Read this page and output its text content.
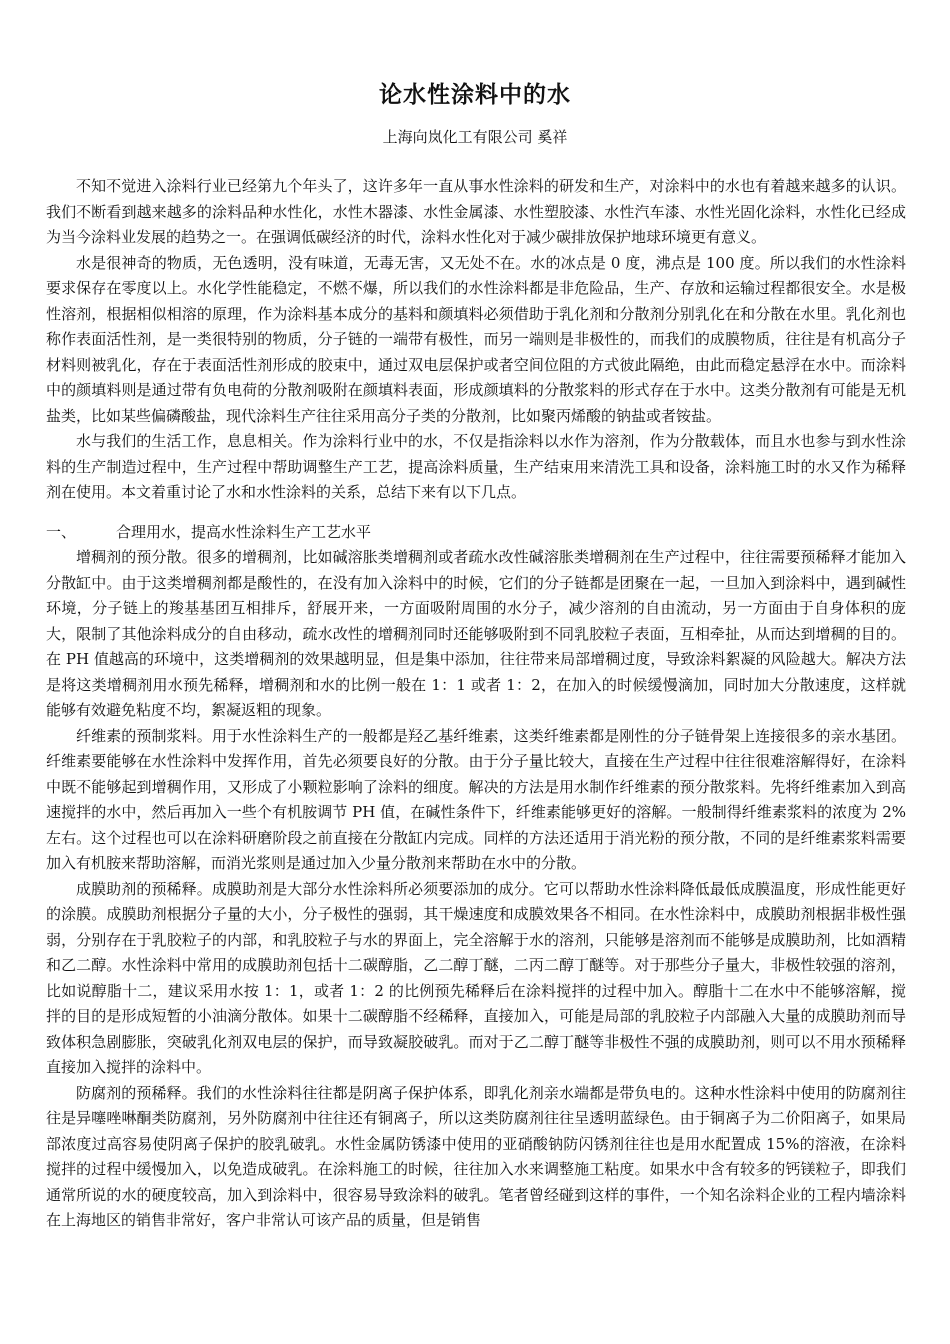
论水性涂料中的水
上海向岚化工有限公司 奚祥

不知不觉进入涂料行业已经第九个年头了，这许多年一直从事水性涂料的研发和生产，对涂料中的水也有着越来越多的认识。我们不断看到越来越多的涂料品种水性化，水性木器漆、水性金属漆、水性塑胶漆、水性汽车漆、水性光固化涂料，水性化已经成为当今涂料业发展的趋势之一。在强调低碳经济的时代，涂料水性化对于减少碳排放保护地球环境更有意义。

水是很神奇的物质，无色透明，没有味道，无毒无害，又无处不在。水的冰点是 0 度，沸点是 100 度。所以我们的水性涂料要求保存在零度以上。水化学性能稳定，不燃不爆，所以我们的水性涂料都是非危险品，生产、存放和运输过程都很安全。水是极性溶剂，根据相似相溶的原理，作为涂料基本成分的基料和颜填料必须借助于乳化剂和分散剂分别乳化在和分散在水里。乳化剂也称作表面活性剂，是一类很特别的物质，分子链的一端带有极性，而另一端则是非极性的，而我们的成膜物质，往往是有机高分子材料则被乳化，存在于表面活性剂形成的胶束中，通过双电层保护或者空间位阻的方式彼此隔绝，由此而稳定悬浮在水中。而涂料中的颜填料则是通过带有负电荷的分散剂吸附在颜填料表面，形成颜填料的分散浆料的形式存在于水中。这类分散剂有可能是无机盐类，比如某些偏磷酸盐，现代涂料生产往往采用高分子类的分散剂，比如聚丙烯酸的钠盐或者铵盐。

水与我们的生活工作，息息相关。作为涂料行业中的水，不仅是指涂料以水作为溶剂，作为分散载体，而且水也参与到水性涂料的生产制造过程中，生产过程中帮助调整生产工艺，提高涂料质量，生产结束用来清洗工具和设备，涂料施工时的水又作为稀释剂在使用。本文着重讨论了水和水性涂料的关系，总结下来有以下几点。

一、	合理用水，提高水性涂料生产工艺水平

增稠剂的预分散。很多的增稠剂，比如碱溶胀类增稠剂或者疏水改性碱溶胀类增稠剂在生产过程中，往往需要预稀释才能加入分散缸中。由于这类增稠剂都是酸性的，在没有加入涂料中的时候，它们的分子链都是团聚在一起，一旦加入到涂料中，遇到碱性环境，分子链上的羧基基团互相排斥，舒展开来，一方面吸附周围的水分子，减少溶剂的自由流动，另一方面由于自身体积的庞大，限制了其他涂料成分的自由移动，疏水改性的增稠剂同时还能够吸附到不同乳胶粒子表面，互相牵扯，从而达到增稠的目的。在 PH 值越高的环境中，这类增稠剂的效果越明显，但是集中添加，往往带来局部增稠过度，导致涂料絮凝的风险越大。解决方法是将这类增稠剂用水预先稀释，增稠剂和水的比例一般在 1：1 或者 1：2，在加入的时候缓慢滴加，同时加大分散速度，这样就能够有效避免粘度不均，絮凝返粗的现象。

纤维素的预制浆料。用于水性涂料生产的一般都是羟乙基纤维素，这类纤维素都是刚性的分子链骨架上连接很多的亲水基团。纤维素要能够在水性涂料中发挥作用，首先必须要良好的分散。由于分子量比较大，直接在生产过程中往往很难溶解得好，在涂料中既不能够起到增稠作用，又形成了小颗粒影响了涂料的细度。解决的方法是用水制作纤维素的预分散浆料。先将纤维素加入到高速搅拌的水中，然后再加入一些个有机胺调节 PH 值，在碱性条件下，纤维素能够更好的溶解。一般制得纤维素浆料的浓度为 2%左右。这个过程也可以在涂料研磨阶段之前直接在分散缸内完成。同样的方法还适用于消光粉的预分散，不同的是纤维素浆料需要加入有机胺来帮助溶解，而消光浆则是通过加入少量分散剂来帮助在水中的分散。

成膜助剂的预稀释。成膜助剂是大部分水性涂料所必须要添加的成分。它可以帮助水性涂料降低最低成膜温度，形成性能更好的涂膜。成膜助剂根据分子量的大小，分子极性的强弱，其干燥速度和成膜效果各不相同。在水性涂料中，成膜助剂根据非极性强弱，分别存在于乳胶粒子的内部，和乳胶粒子与水的界面上，完全溶解于水的溶剂，只能够是溶剂而不能够是成膜助剂，比如酒精和乙二醇。水性涂料中常用的成膜助剂包括十二碳醇脂，乙二醇丁醚，二丙二醇丁醚等。对于那些分子量大，非极性较强的溶剂，比如说醇脂十二，建议采用水按 1：1，或者 1：2 的比例预先稀释后在涂料搅拌的过程中加入。醇脂十二在水中不能够溶解，搅拌的目的是形成短暂的小油滴分散体。如果十二碳醇脂不经稀释，直接加入，可能是局部的乳胶粒子内部融入大量的成膜助剂而导致体积急剧膨胀，突破乳化剂双电层的保护，而导致凝胶破乳。而对于乙二醇丁醚等非极性不强的成膜助剂，则可以不用水预稀释直接加入搅拌的涂料中。

防腐剂的预稀释。我们的水性涂料往往都是阴离子保护体系，即乳化剂亲水端都是带负电的。这种水性涂料中使用的防腐剂往往是异噻唑啉酮类防腐剂，另外防腐剂中往往还有铜离子，所以这类防腐剂往往呈透明蓝绿色。由于铜离子为二价阳离子，如果局部浓度过高容易使阴离子保护的胶乳破乳。水性金属防锈漆中使用的亚硝酸钠防闪锈剂往往也是用水配置成 15%的溶液，在涂料搅拌的过程中缓慢加入，以免造成破乳。在涂料施工的时候，往往加入水来调整施工粘度。如果水中含有较多的钙镁粒子，即我们通常所说的水的硬度较高，加入到涂料中，很容易导致涂料的破乳。笔者曾经碰到这样的事件，一个知名涂料企业的工程内墙涂料在上海地区的销售非常好，客户非常认可该产品的质量，但是销售
